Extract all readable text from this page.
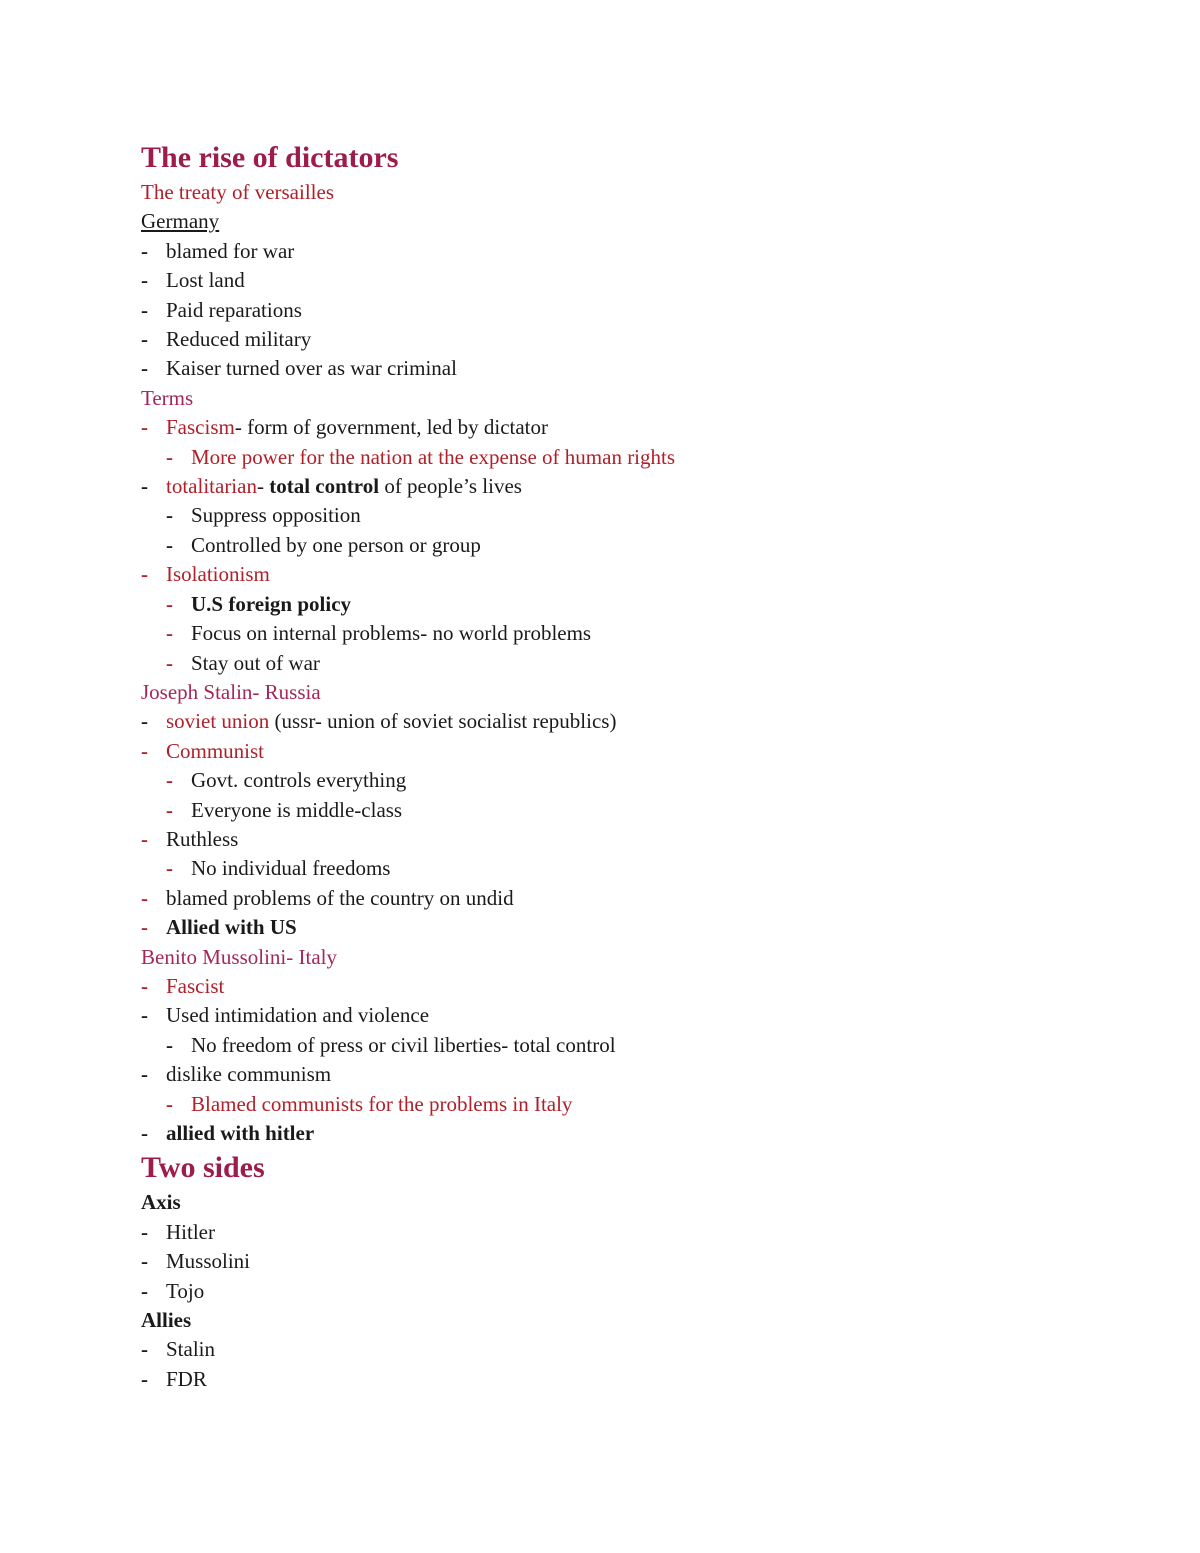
The rise of dictators

The treaty of versailles

Germany

- blamed for war

- Lost land

- Paid reparations

- Reduced military

- Kaiser turned over as war criminal

Terms

- Fascism- form of government, led by dictator

- More power for the nation at the expense of human rights

- totalitarian- total control of people’s lives

- Suppress opposition

- Controlled by one person or group

- Isolationism

- U.S foreign policy

- Focus on internal problems- no world problems

- Stay out of war

Joseph Stalin- Russia

- soviet union (ussr- union of soviet socialist republics)

- Communist

- Govt. controls everything

- Everyone is middle-class

- Ruthless

- No individual freedoms

- blamed problems of the country on undid

- Allied with US

Benito Mussolini- Italy

- Fascist

- Used intimidation and violence

- No freedom of press or civil liberties- total control

- dislike communism

- Blamed communists for the problems in Italy

- allied with hitler

Two sides

Axis

- Hitler

- Mussolini

- Tojo

Allies

- Stalin

- FDR
